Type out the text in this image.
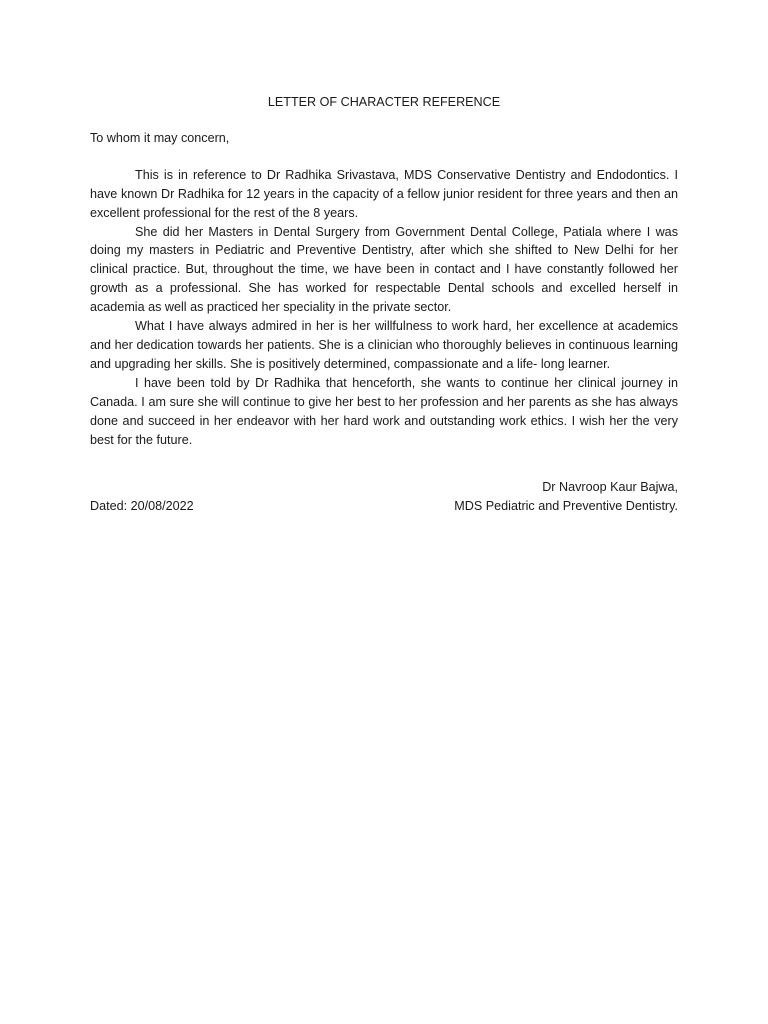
LETTER OF CHARACTER REFERENCE
To whom it may concern,

This is in reference to Dr Radhika Srivastava, MDS Conservative Dentistry and Endodontics. I have known Dr Radhika for 12 years in the capacity of a fellow junior resident for three years and then an excellent professional for the rest of the 8 years.

She did her Masters in Dental Surgery from Government Dental College, Patiala where I was doing my masters in Pediatric and Preventive Dentistry, after which she shifted to New Delhi for her clinical practice. But, throughout the time, we have been in contact and I have constantly followed her growth as a professional. She has worked for respectable Dental schools and excelled herself in academia as well as practiced her speciality in the private sector.

What I have always admired in her is her willfulness to work hard, her excellence at academics and her dedication towards her patients. She is a clinician who thoroughly believes in continuous learning and upgrading her skills. She is positively determined, compassionate and a life- long learner.

I have been told by Dr Radhika that henceforth, she wants to continue her clinical journey in Canada. I am sure she will continue to give her best to her profession and her parents as she has always done and succeed in her endeavor with her hard work and outstanding work ethics. I wish her the very best for the future.

Dr Navroop Kaur Bajwa,
MDS Pediatric and Preventive Dentistry.
Dated: 20/08/2022
